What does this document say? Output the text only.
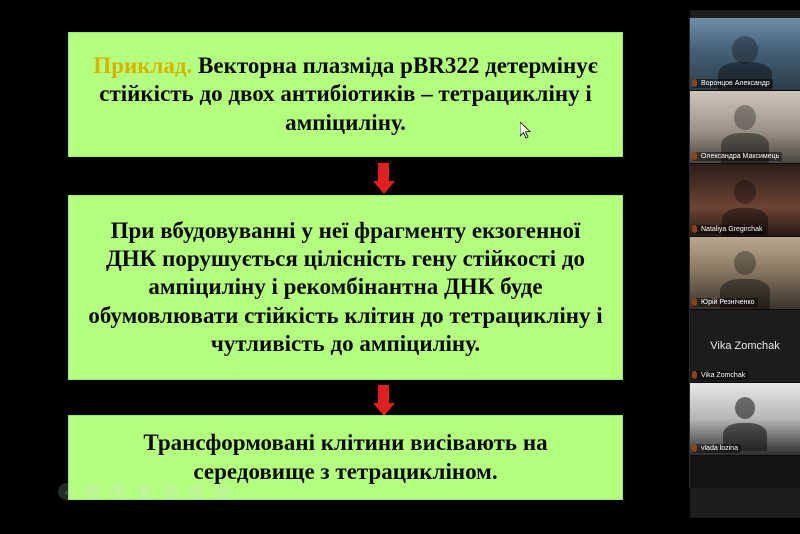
Приклад. Векторна плазміда pBR322 детермінує стійкість до двох антибіотиків – тетрацикліну і ампіциліну.

При вбудовуванні у неї фрагменту екзогенної ДНК порушується цілісність гену стійкості до ампіциліну і рекомбінантна ДНК буде обумовлювати стійкість клітин до тетрацикліну і чутливість до ампіциліну.

Трансформовані клітини висівають на середовище з тетрацикліном.

‹	›	✎	➤	－	＋	⛶
Воронцов Александр
Олександра Максимець
Nataliya Gregirchak
Юрій Резніченко
Vika Zomchak
Vika Zomchak
vlada lozina
